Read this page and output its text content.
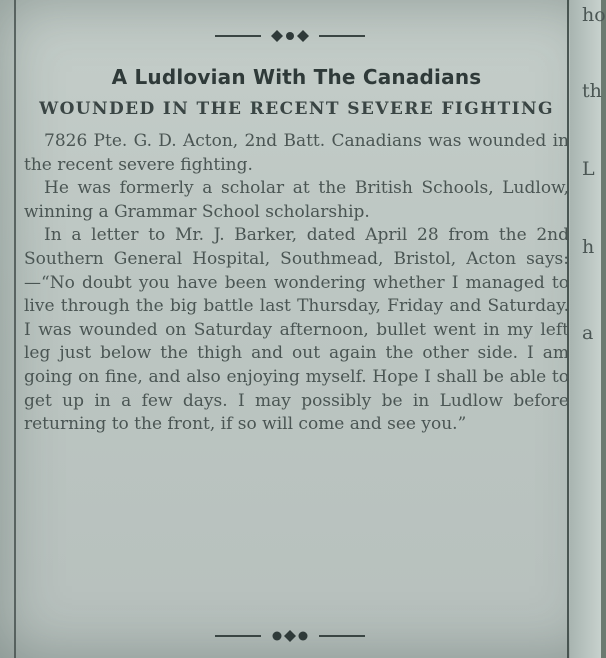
ho
th
L
h
a
A Ludlovian With The Canadians
WOUNDED IN THE RECENT SEVERE FIGHTING

7826 Pte. G. D. Acton, 2nd Batt. Canadians was wounded in the recent severe fighting.

He was formerly a scholar at the British Schools, Ludlow, winning a Grammar School scholarship.

In a letter to Mr. J. Barker, dated April 28 from the 2nd Southern General Hospital, Southmead, Bristol, Acton says:—“No doubt you have been wondering whether I managed to live through the big battle last Thursday, Friday and Saturday. I was wounded on Saturday afternoon, bullet went in my left leg just below the thigh and out again the other side. I am going on fine, and also enjoying myself. Hope I shall be able to get up in a few days. I may possibly be in Ludlow before returning to the front, if so will come and see you.”
